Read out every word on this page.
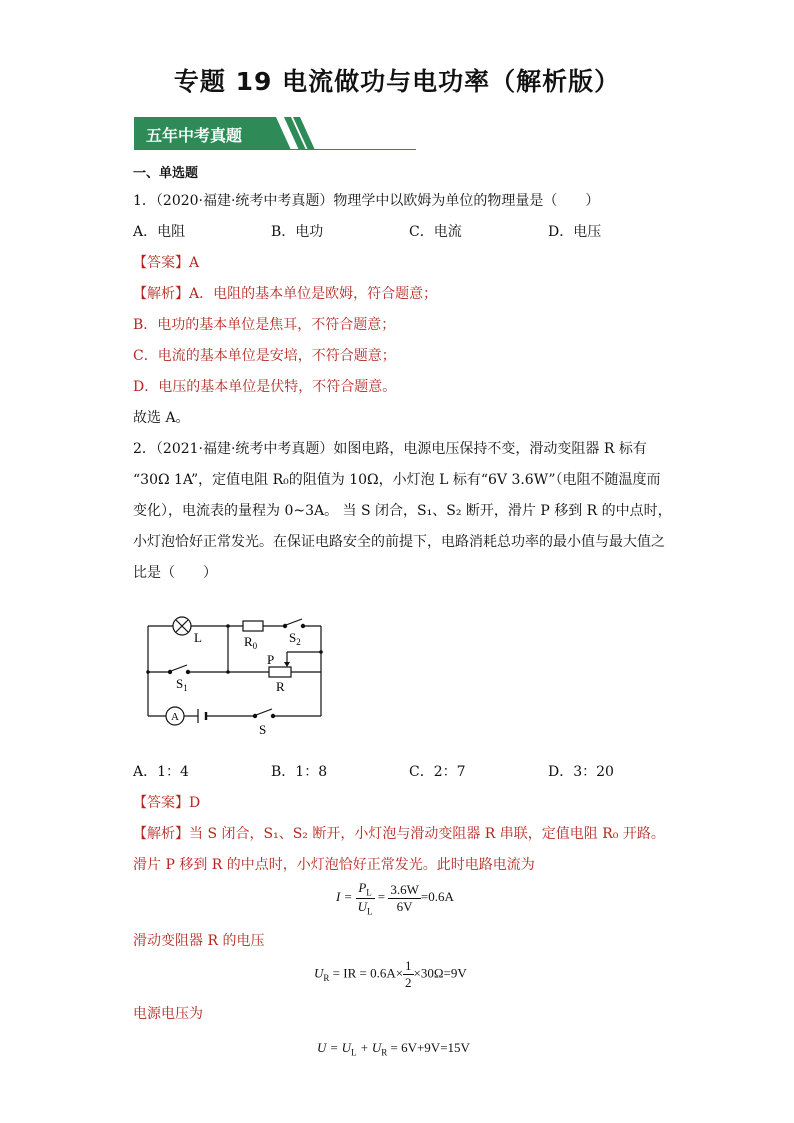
专题 19 电流做功与电功率（解析版）
五年中考真题
一、单选题
1．（2020·福建·统考中考真题）物理学中以欧姆为单位的物理量是（　　）
A．电阻	B．电功	C．电流	D．电压
【答案】A
【解析】A．电阻的基本单位是欧姆，符合题意；
B．电功的基本单位是焦耳，不符合题意；
C．电流的基本单位是安培，不符合题意；
D．电压的基本单位是伏特，不符合题意。
故选 A。
2．（2021·福建·统考中考真题）如图电路，电源电压保持不变，滑动变阻器 R 标有
“30Ω 1A”，定值电阻 R₀的阻值为 10Ω，小灯泡 L 标有“6V 3.6W”（电阻不随温度而
变化），电流表的量程为 0~3A。 当 S 闭合，S₁、S₂ 断开，滑片 P 移到 R 的中点时，
小灯泡恰好正常发光。在保证电路安全的前提下，电路消耗总功率的最小值与最大值之
比是（　　）
L	$R_0$
$S_2$
P
R
$S_1$
A
S
A．1：4	B．1：8	C．2：7	D．3：20
【答案】D
【解析】当 S 闭合，S₁、S₂ 断开，小灯泡与滑动变阻器 R 串联，定值电阻 R₀ 开路。
滑片 P 移到 R 的中点时，小灯泡恰好正常发光。此时电路电流为
$I = \frac{P_L}{U_L} = \frac{3.6W}{6V} =0.6A$
滑动变阻器 R 的电压
$U_R$ = IR = $0.6A\times \frac{1}{2} \times 30\Omega=9V$
电源电压为
$U = U_L + U_R = 6V+9V=15V$
